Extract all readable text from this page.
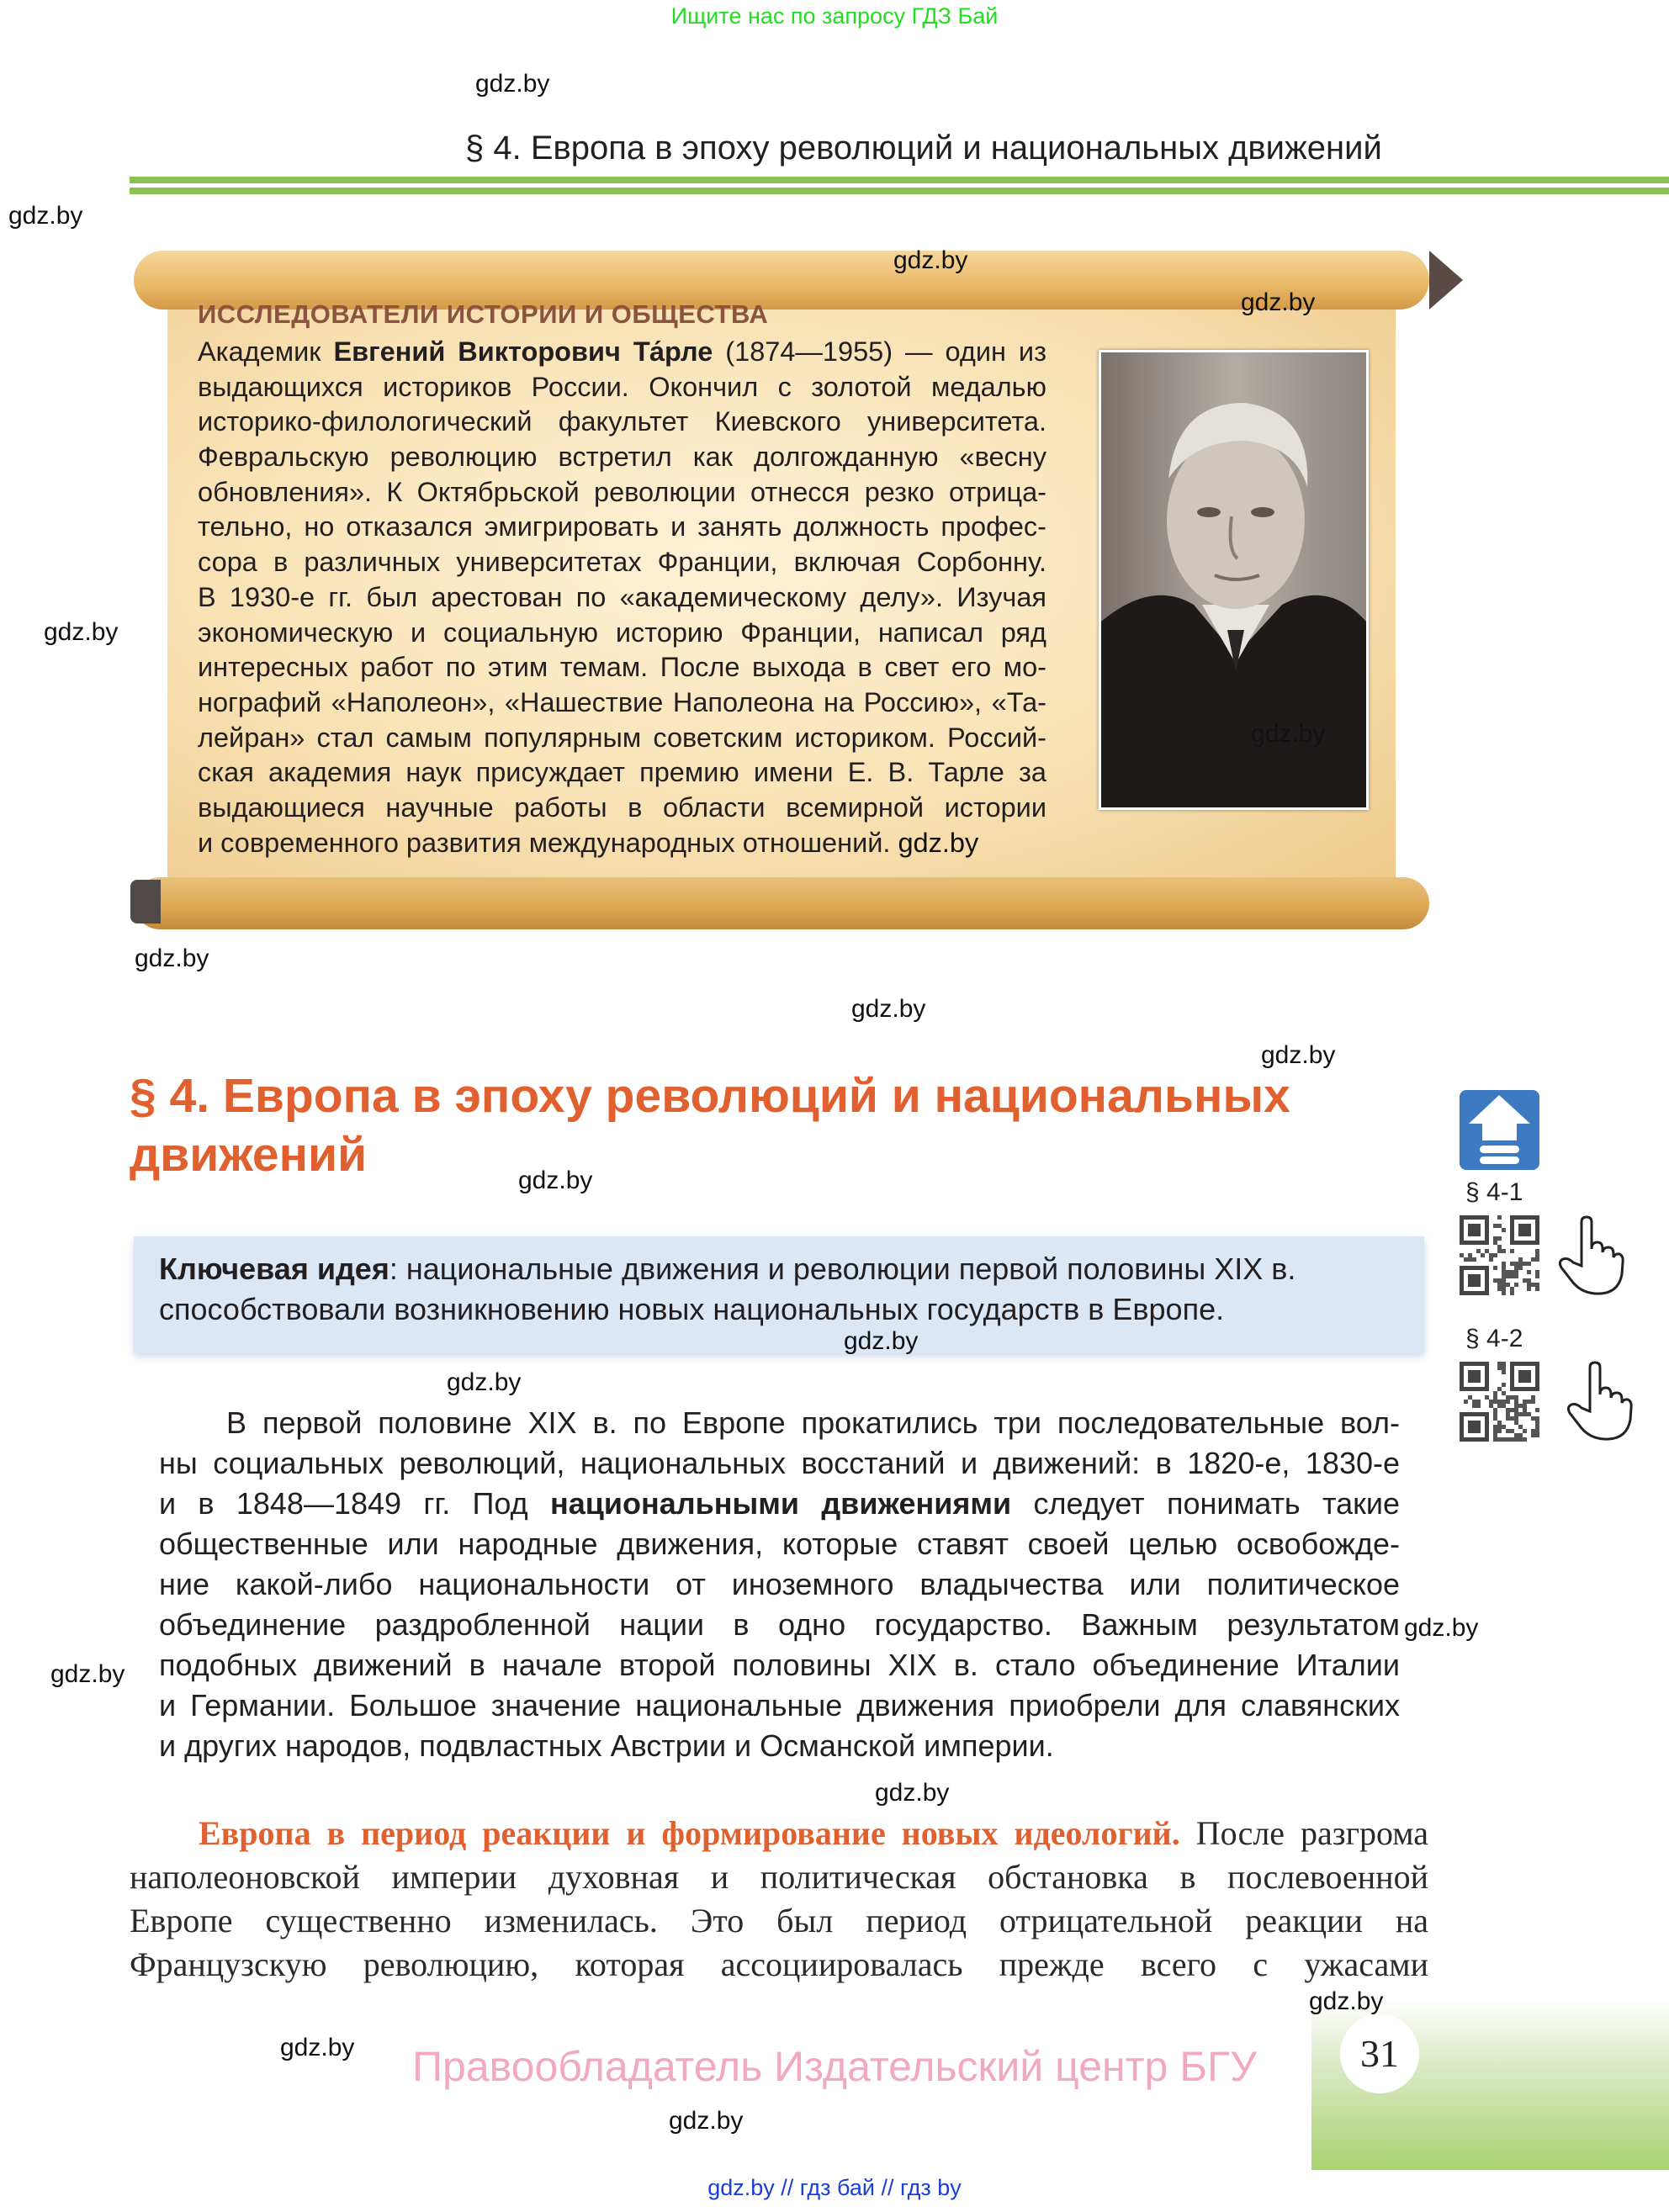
Ищите нас по запросу ГДЗ Бай
gdz.by
§ 4. Европа в эпоху революций и национальных движений
gdz.by
ИССЛЕДОВАТЕЛИ ИСТОРИИ И ОБЩЕСТВА
Академик Евгений Викторович Та́рле (1874—1955) — один из
выдающихся историков России. Окончил с золотой медалью
историко-филологический факультет Киевского университета.
Февральскую революцию встретил как долгожданную «весну
обновления». К Октябрьской революции отнесся резко отрица-
тельно, но отказался эмигрировать и занять должность профес-
сора в различных университетах Франции, включая Сорбонну.
В 1930-е гг. был арестован по «академическому делу». Изучая
экономическую и социальную историю Франции, написал ряд
интересных работ по этим темам. После выхода в свет его мо-
нографий «Наполеон», «Нашествие Наполеона на Россию», «Та-
лейран» стал самым популярным советским историком. Россий-
ская академия наук присуждает премию имени Е. В. Тарле за
выдающиеся научные работы в области всемирной истории
и современного развития международных отношений. gdz.by
gdz.by
gdz.by
gdz.by
gdz.by
gdz.by
gdz.by
gdz.by
§ 4. Европа в эпоху революций и национальных
движений	gdz.by
Ключевая идея: национальные движения и революции первой половины XIX в.
способствовали возникновению новых национальных государств в Европе.
gdz.by
gdz.by
§ 4-1
§ 4-2
В первой половине XIX в. по Европе прокатились три последовательные вол-
ны социальных революций, национальных восстаний и движений: в 1820-е, 1830-е
и в 1848—1849 гг. Под национальными движениями следует понимать такие
общественные или народные движения, которые ставят своей целью освобожде-
ние какой-либо национальности от иноземного владычества или политическое
объединение раздробленной нации в одно государство. Важным результатом
подобных движений в начале второй половины XIX в. стало объединение Италии
и Германии. Большое значение национальные движения приобрели для славянских
и других народов, подвластных Австрии и Османской империи.
gdz.by
gdz.by
gdz.by
Европа в период реакции и формирование новых идеологий. После разгрома
наполеоновской империи духовная и политическая обстановка в послевоенной
Европе существенно изменилась. Это был период отрицательной реакции на
Французскую революцию, которая ассоциировалась прежде всего с ужасами
31
gdz.by
gdz.by	Правообладатель Издательский центр БГУ
gdz.by
gdz.by // гдз бай // гдз by
